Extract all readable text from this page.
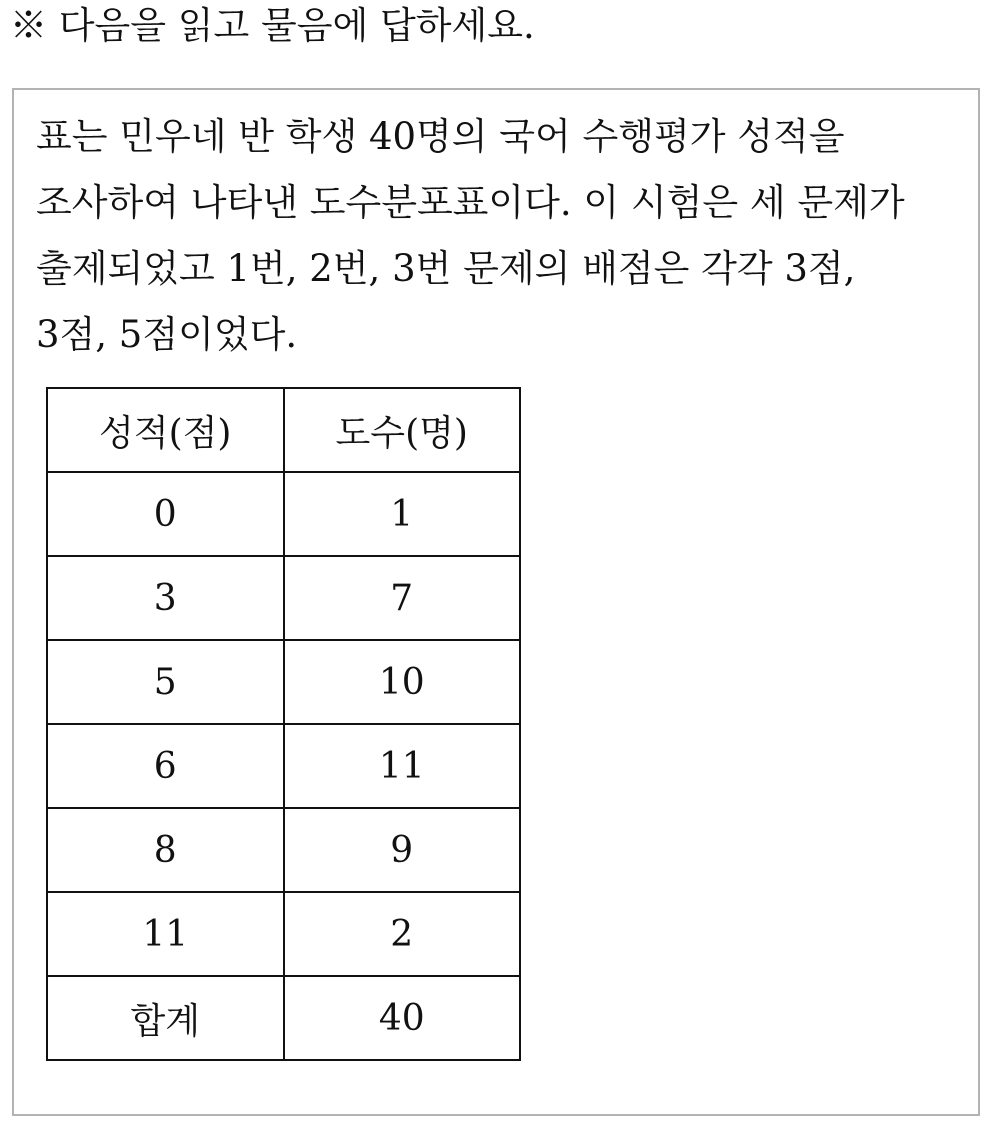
※ 다음을 읽고 물음에 답하세요.

표는 민우네 반 학생 40명의 국어 수행평가 성적을
조사하여 나타낸 도수분포표이다. 이 시험은 세 문제가
출제되었고 1번, 2번, 3번 문제의 배점은 각각 3점,
3점, 5점이었다.

성적(점)	도수(명)
0	1
3	7
5	10
6	11
8	9
11	2
합계	40
